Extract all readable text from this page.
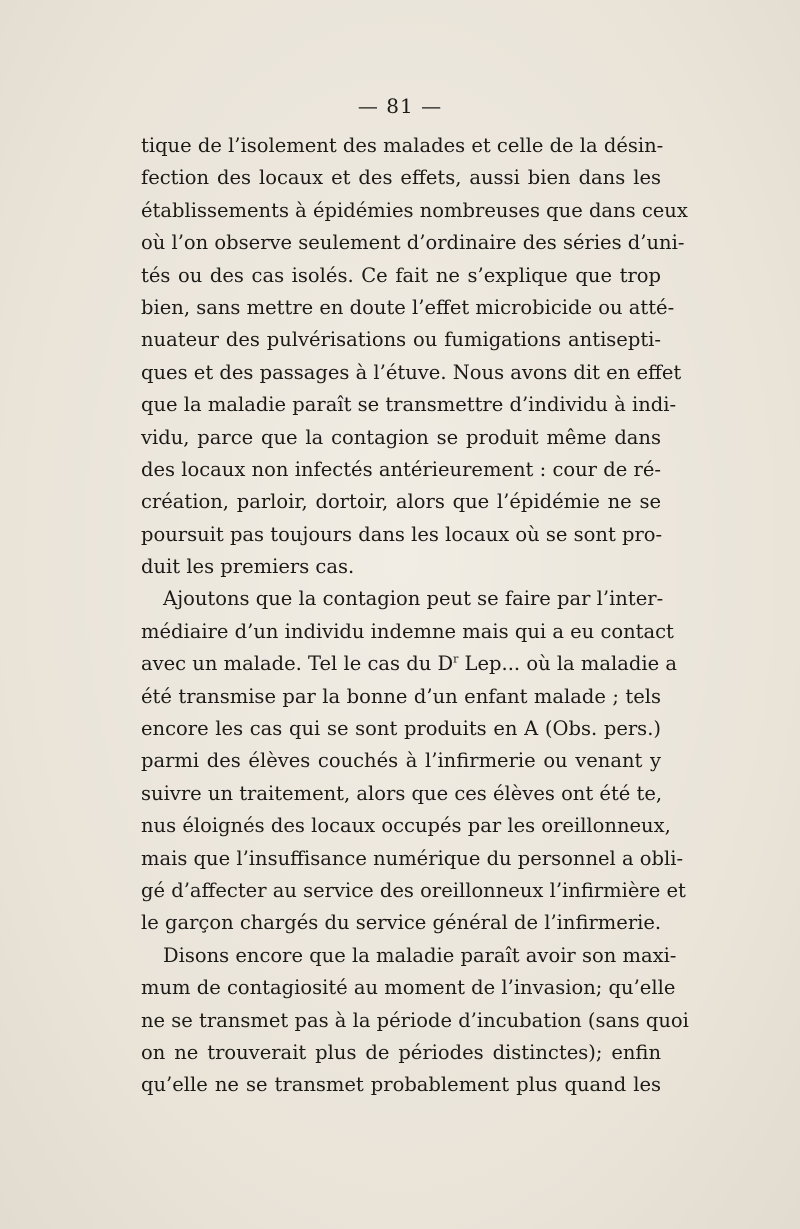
— 81 —
tique de l’isolement des malades et celle de la désin-
fection des locaux et des effets, aussi bien dans les
établissements à épidémies nombreuses que dans ceux
où l’on observe seulement d’ordinaire des séries d’uni-
tés ou des cas isolés. Ce fait ne s’explique que trop
bien, sans mettre en doute l’effet microbicide ou atté-
nuateur des pulvérisations ou fumigations antisepti-
ques et des passages à l’étuve. Nous avons dit en effet
que la maladie paraît se transmettre d’individu à indi-
vidu, parce que la contagion se produit même dans
des locaux non infectés antérieurement : cour de ré-
création, parloir, dortoir, alors que l’épidémie ne se
poursuit pas toujours dans les locaux où se sont pro-
duit les premiers cas.
Ajoutons que la contagion peut se faire par l’inter-
médiaire d’un individu indemne mais qui a eu contact
avec un malade. Tel le cas du $D^r$ Lep... où la maladie a
été transmise par la bonne d’un enfant malade ; tels
encore les cas qui se sont produits en A (Obs. pers.)
parmi des élèves couchés à l’infirmerie ou venant y
suivre un traitement, alors que ces élèves ont été te,
nus éloignés des locaux occupés par les oreillonneux,
mais que l’insuffisance numérique du personnel a obli-
gé d’affecter au service des oreillonneux l’infirmière et
le garçon chargés du service général de l’infirmerie.
Disons encore que la maladie paraît avoir son maxi-
mum de contagiosité au moment de l’invasion; qu’elle
ne se transmet pas à la période d’incubation (sans quoi
on ne trouverait plus de périodes distinctes); enfin
qu’elle ne se transmet probablement plus quand les
